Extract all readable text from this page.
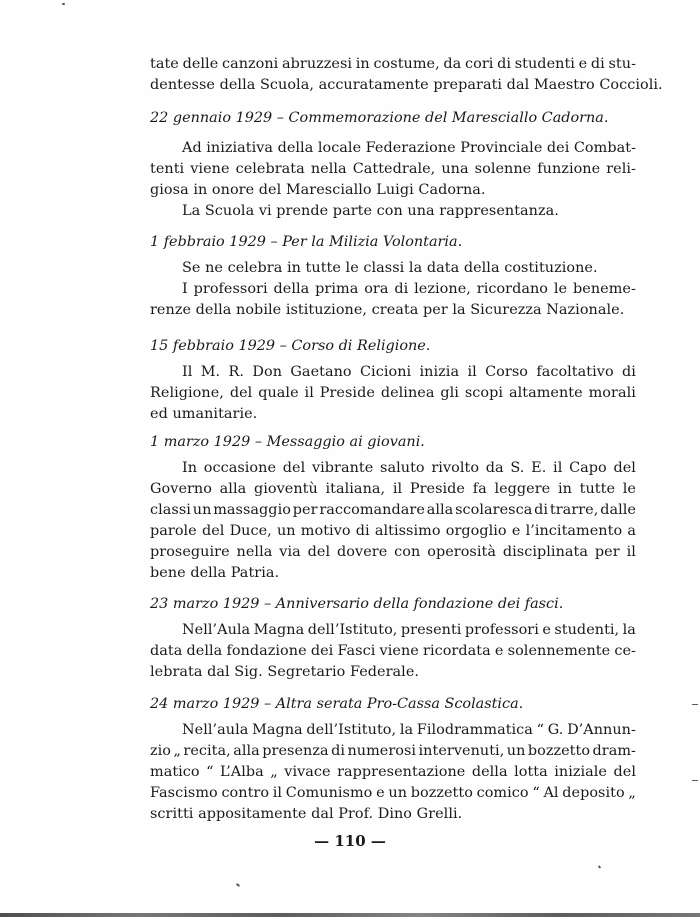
tate delle canzoni abruzzesi in costume, da cori di studenti e di stu-
dentesse della Scuola, accuratamente preparati dal Maestro Coccioli.
22 gennaio 1929 – Commemorazione del Maresciallo Cadorna.
Ad iniziativa della locale Federazione Provinciale dei Combat-
tenti viene celebrata nella Cattedrale, una solenne funzione reli-
giosa in onore del Maresciallo Luigi Cadorna.
La Scuola vi prende parte con una rappresentanza.
1 febbraio 1929 – Per la Milizia Volontaria.
Se ne celebra in tutte le classi la data della costituzione.
I professori della prima ora di lezione, ricordano le beneme-
renze della nobile istituzione, creata per la Sicurezza Nazionale.
15 febbraio 1929 – Corso di Religione.
Il M. R. Don Gaetano Cicioni inizia il Corso facoltativo di
Religione, del quale il Preside delinea gli scopi altamente morali
ed umanitarie.
1 marzo 1929 – Messaggio ai giovani.
In occasione del vibrante saluto rivolto da S. E. il Capo del
Governo alla gioventù italiana, il Preside fa leggere in tutte le
classi un massaggio per raccomandare alla scolaresca di trarre, dalle
parole del Duce, un motivo di altissimo orgoglio e l’incitamento a
proseguire nella via del dovere con operosità disciplinata per il
bene della Patria.
23 marzo 1929 – Anniversario della fondazione dei fasci.
Nell’Aula Magna dell’Istituto, presenti professori e studenti, la
data della fondazione dei Fasci viene ricordata e solennemente ce-
lebrata dal Sig. Segretario Federale.
24 marzo 1929 – Altra serata Pro-Cassa Scolastica.
Nell’aula Magna dell’Istituto, la Filodrammatica “ G. D’Annun-
zio „ recita, alla presenza di numerosi intervenuti, un bozzetto dram-
matico “ L’Alba „ vivace rappresentazione della lotta iniziale del
Fascismo contro il Comunismo e un bozzetto comico “ Al deposito „
scritti appositamente dal Prof. Dino Grelli.
— 110 —
